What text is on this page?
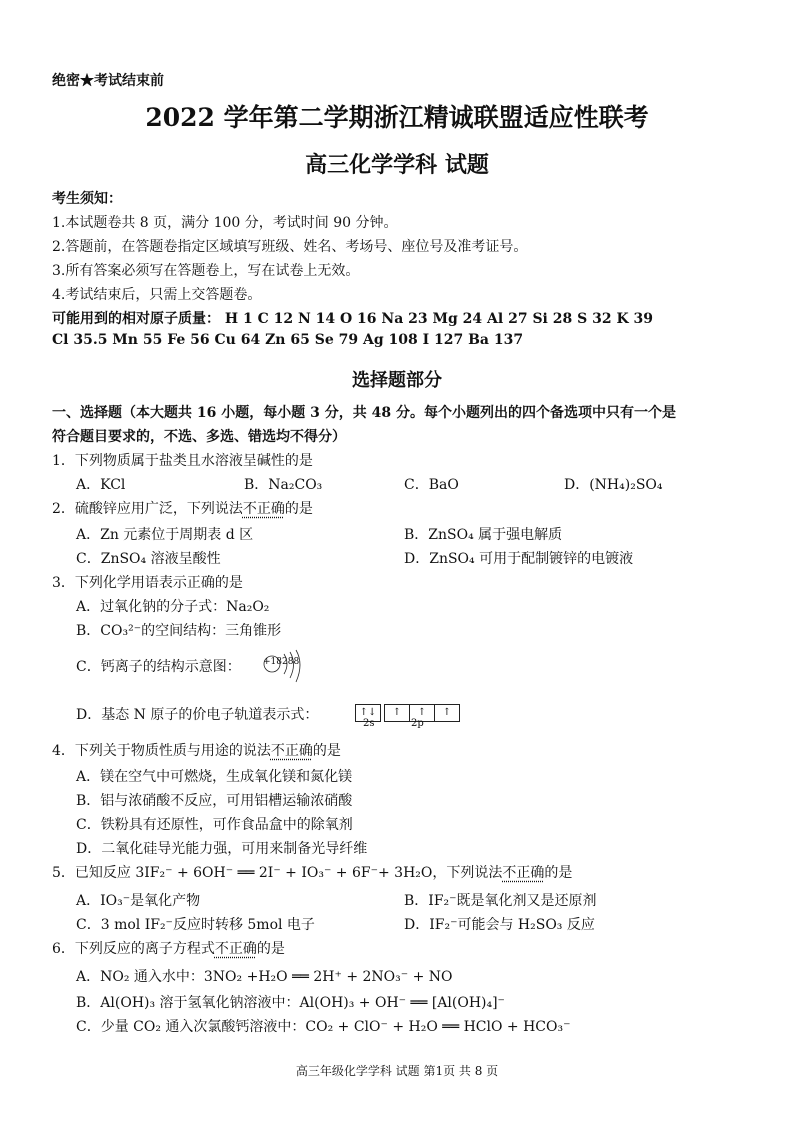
绝密★考试结束前
2022 学年第二学期浙江精诚联盟适应性联考
高三化学学科 试题
考生须知：
1.本试题卷共 8 页，满分 100 分，考试时间 90 分钟。
2.答题前，在答题卷指定区域填写班级、姓名、考场号、座位号及准考证号。
3.所有答案必须写在答题卷上，写在试卷上无效。
4.考试结束后，只需上交答题卷。
可能用到的相对原子质量： H 1 C 12 N 14 O 16 Na 23 Mg 24 Al 27 Si 28 S 32 K 39
Cl 35.5 Mn 55 Fe 56 Cu 64 Zn 65 Se 79 Ag 108 I 127 Ba 137
选择题部分
一、选择题（本大题共 16 小题，每小题 3 分，共 48 分。每个小题列出的四个备选项中只有一个是
符合题目要求的，不选、多选、错选均不得分）
1．下列物质属于盐类且水溶液呈碱性的是
A．KCl	B．Na₂CO₃	C．BaO	D．(NH₄)₂SO₄
2．硫酸锌应用广泛，下列说法不正确的是
A．Zn 元素位于周期表 d 区	B．ZnSO₄ 属于强电解质
C．ZnSO₄ 溶液呈酸性	D．ZnSO₄ 可用于配制镀锌的电镀液
3．下列化学用语表示正确的是
A．过氧化钠的分子式：Na₂O₂
B．CO₃²⁻的空间结构：三角锥形
C．钙离子的结构示意图： +18288
D．基态 N 原子的价电子轨道表示式：	↑↓ ↑ ↑ ↑
2s	2p
4．下列关于物质性质与用途的说法不正确的是
A．镁在空气中可燃烧，生成氧化镁和氮化镁
B．铝与浓硝酸不反应，可用铝槽运输浓硝酸
C．铁粉具有还原性，可作食品盒中的除氧剂
D．二氧化硅导光能力强，可用来制备光导纤维
5．已知反应 3IF₂⁻ + 6OH⁻ ══ 2I⁻ + IO₃⁻ + 6F⁻+ 3H₂O，下列说法不正确的是
A．IO₃⁻是氧化产物	B．IF₂⁻既是氧化剂又是还原剂
C．3 mol IF₂⁻反应时转移 5mol 电子	D．IF₂⁻可能会与 H₂SO₃ 反应
6．下列反应的离子方程式不正确的是
A．NO₂ 通入水中：3NO₂ +H₂O ══ 2H⁺ + 2NO₃⁻ + NO
B．Al(OH)₃ 溶于氢氧化钠溶液中：Al(OH)₃ + OH⁻ ══ [Al(OH)₄]⁻
C．少量 CO₂ 通入次氯酸钙溶液中：CO₂ + ClO⁻ + H₂O ══ HClO + HCO₃⁻
高三年级化学学科 试题 第1页 共 8 页
